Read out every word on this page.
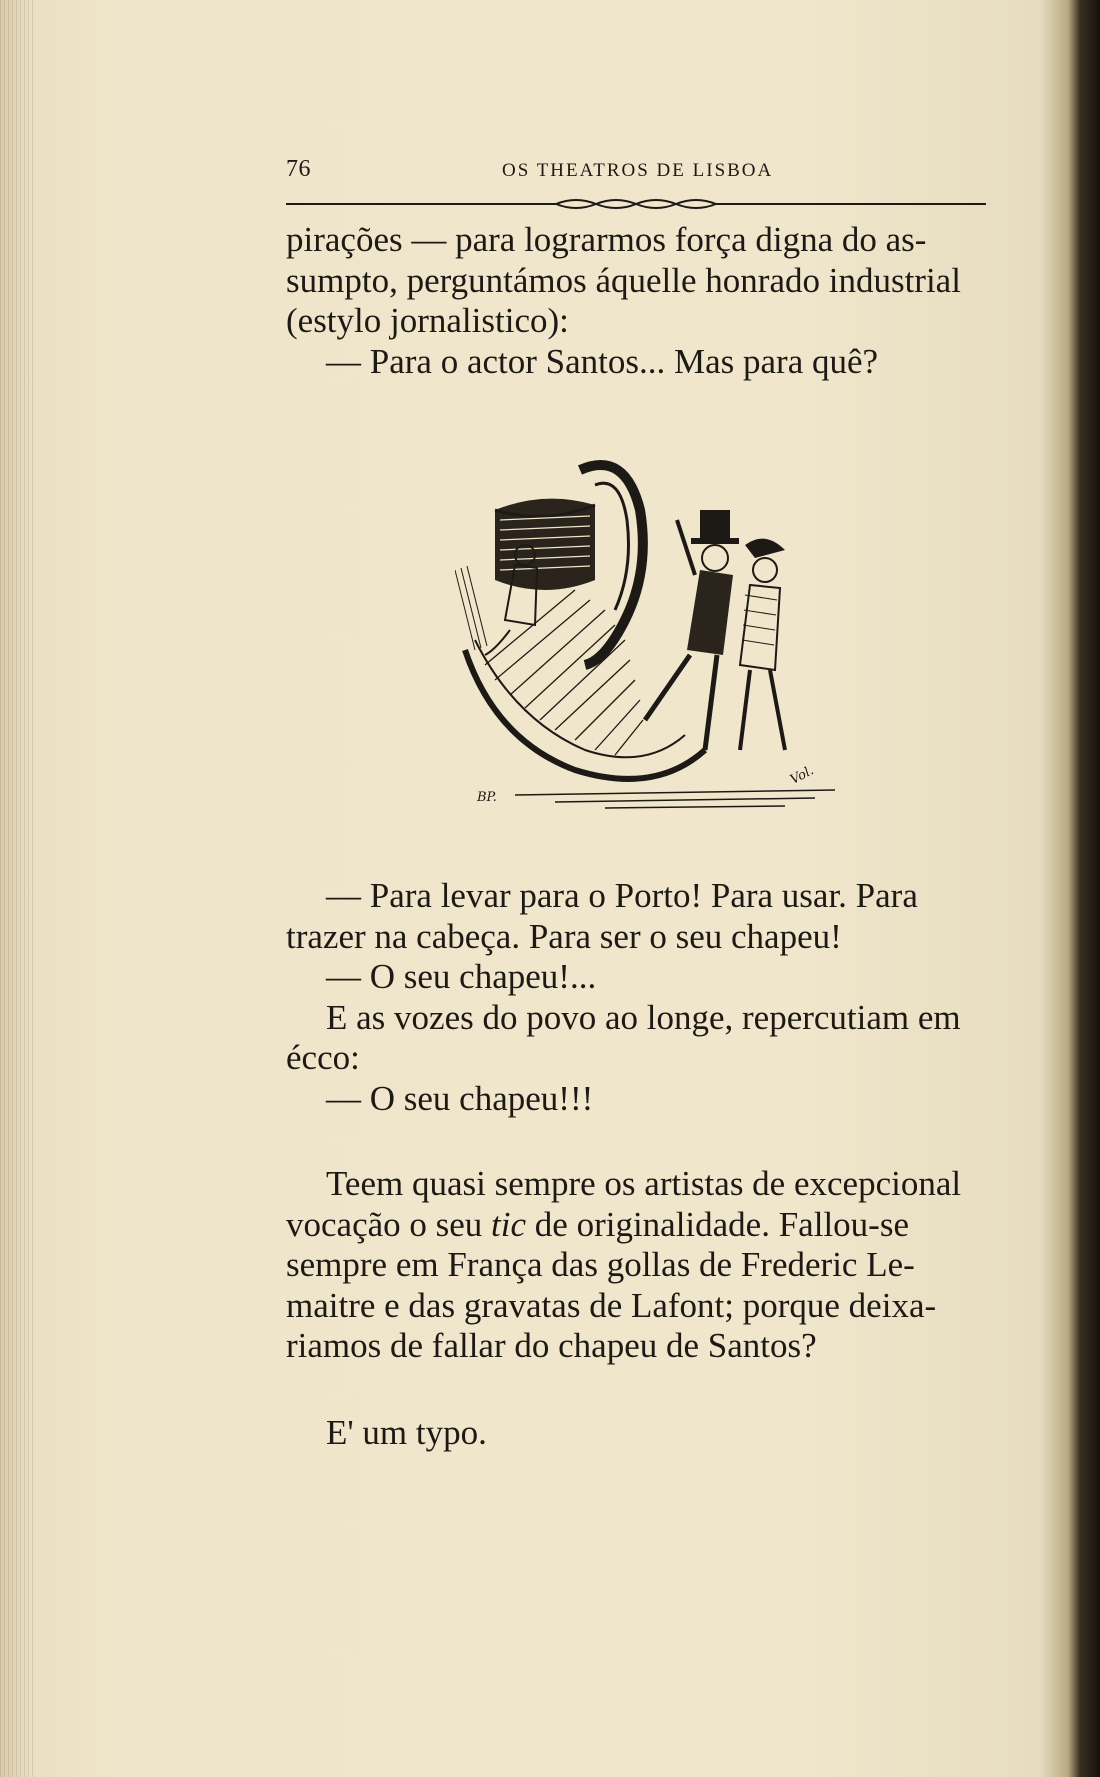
76	OS THEATROS DE LISBOA

pirações — para lograrmos força digna do as-

sumpto, perguntámos áquelle honrado industrial

(estylo jornalistico):

— Para o actor Santos... Mas para quê?

BP.
Vol.

— Para levar para o Porto! Para usar. Para

trazer na cabeça. Para ser o seu chapeu!

— O seu chapeu!...

E as vozes do povo ao longe, repercutiam em

écco:

— O seu chapeu!!!

Teem quasi sempre os artistas de excepcional

vocação o seu tic de originalidade. Fallou-se

sempre em França das gollas de Frederic Le-

maitre e das gravatas de Lafont; porque deixa-

riamos de fallar do chapeu de Santos?

E' um typo.
